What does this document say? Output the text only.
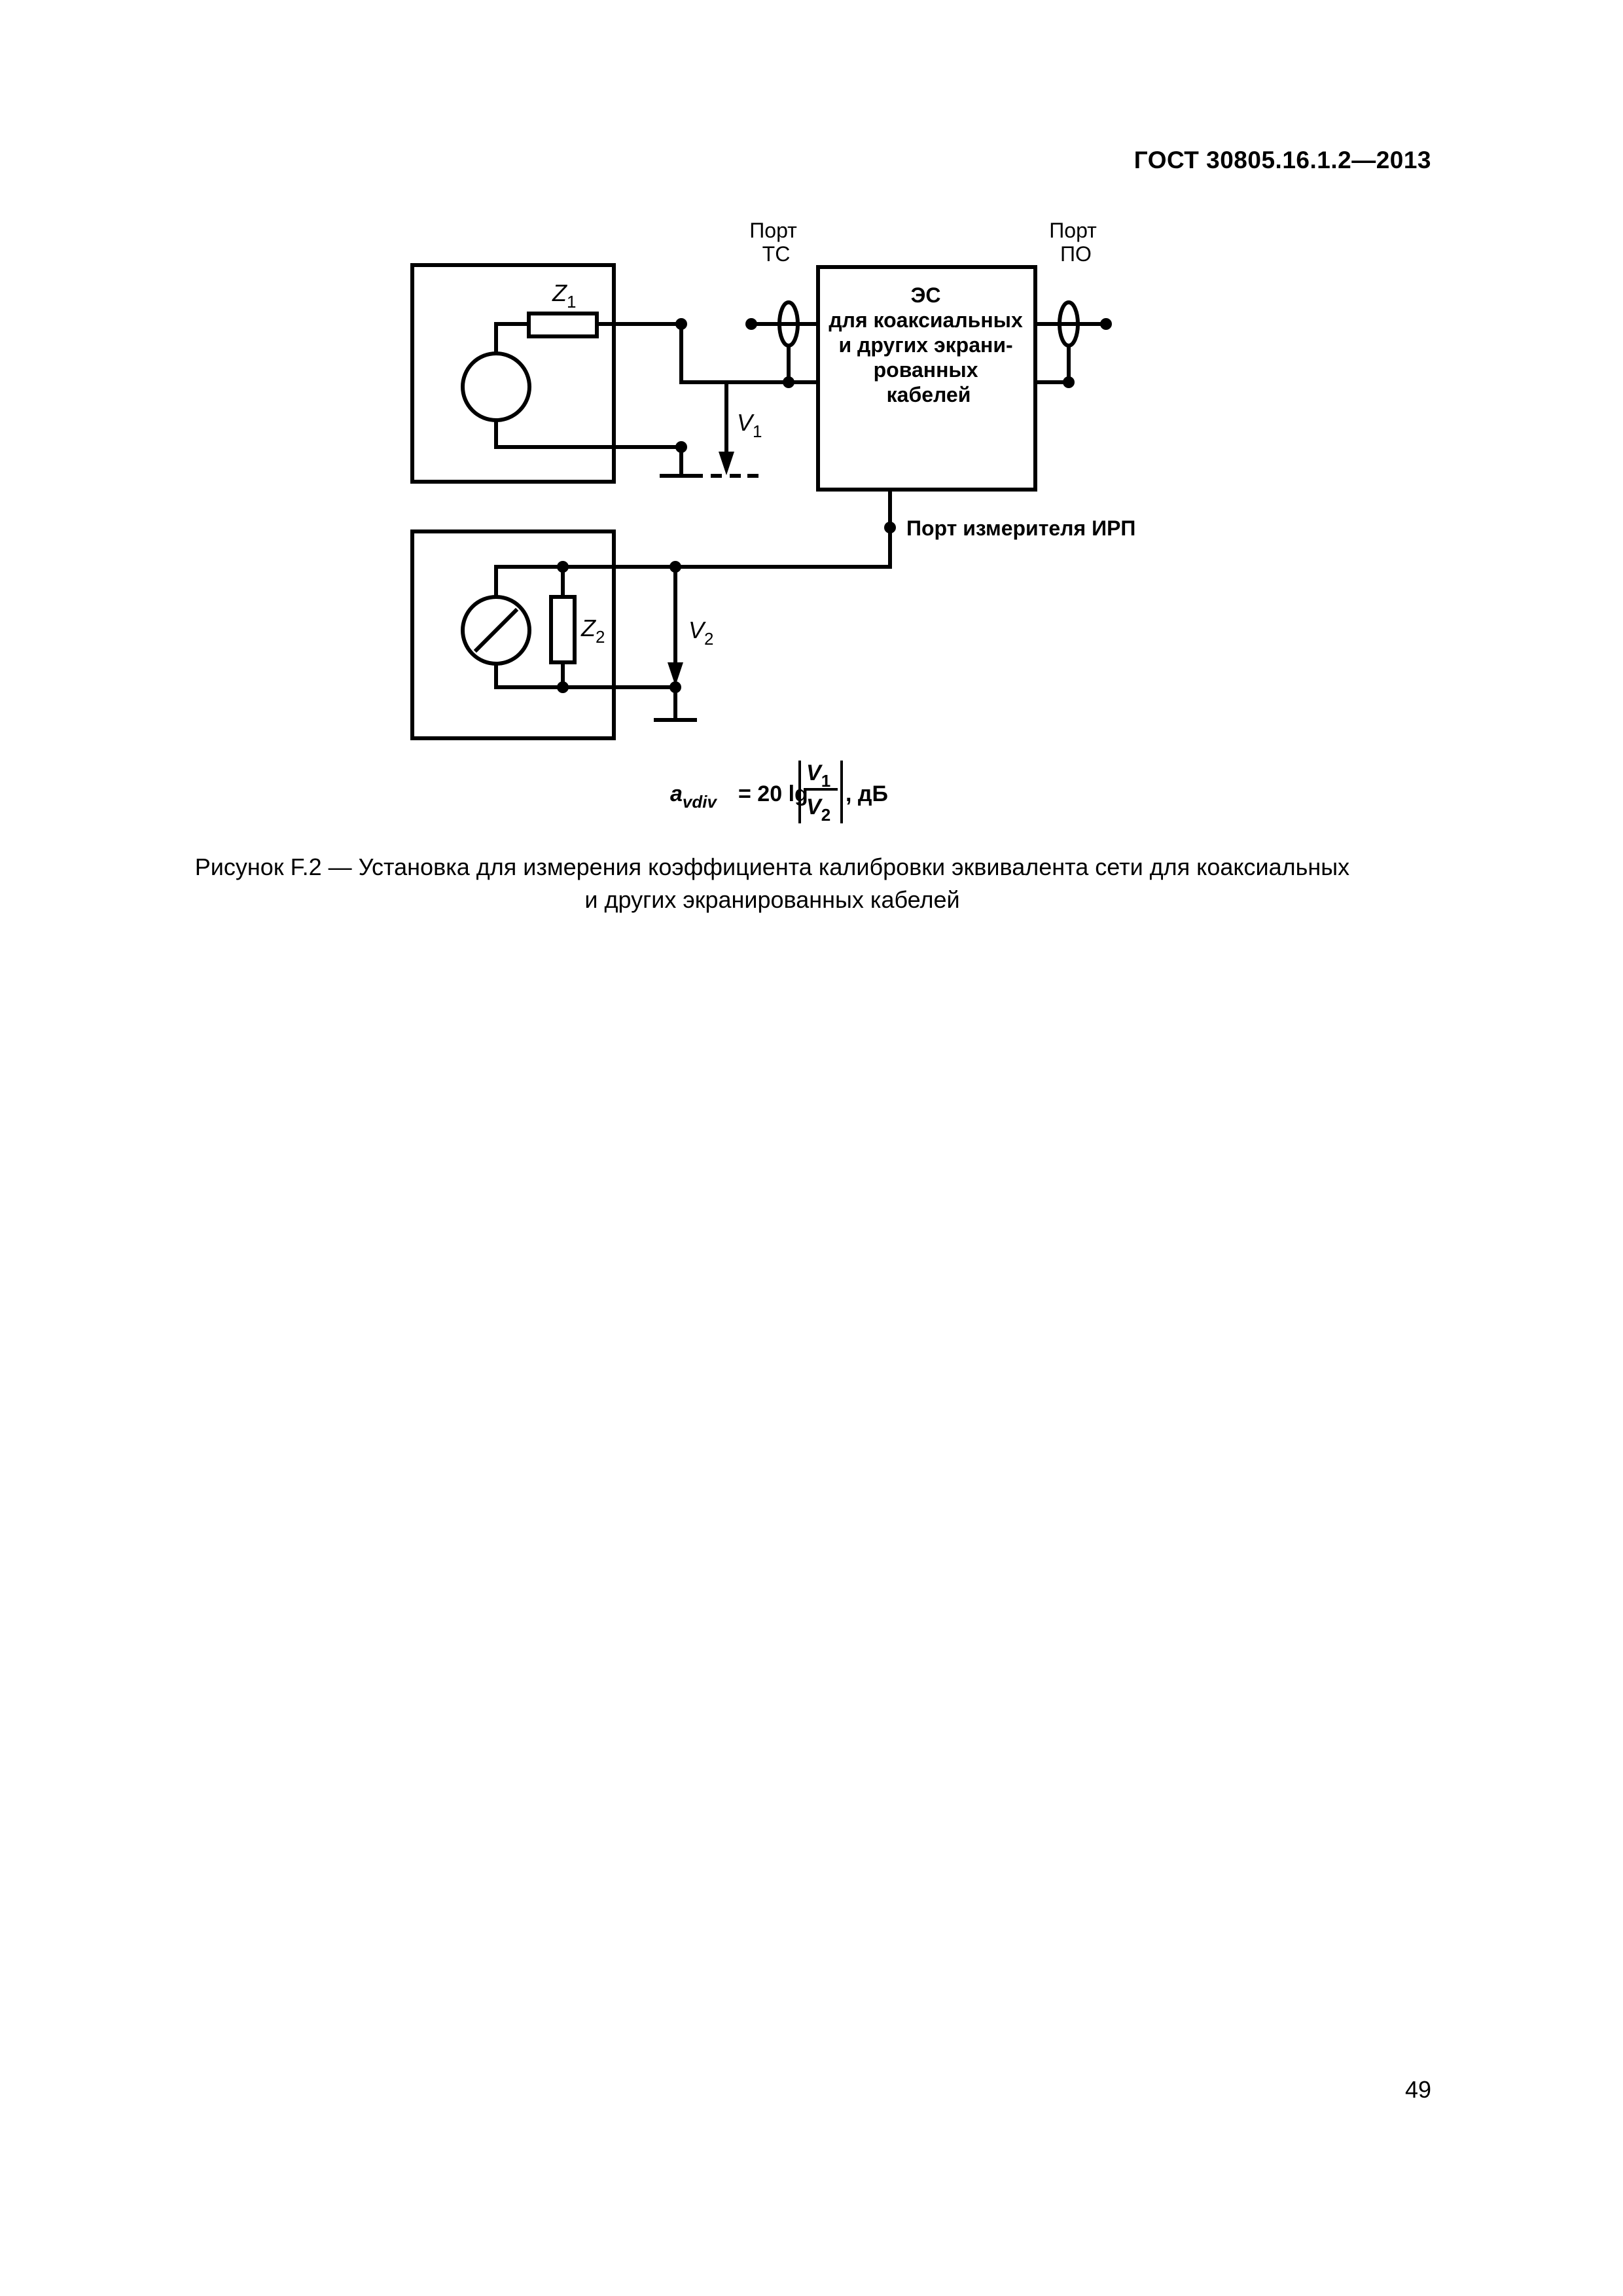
ГОСТ 30805.16.1.2—2013
$Z_1$
$Z_2$
$V_1$
$V_2$
Порт ТС
Порт ПО
ЭС для коаксиальных и других экрани- рованных кабелей
Порт измерителя ИРП
$a_{vdiv} = 20$ lg
$V_1$
$V_2$
, дБ
Рисунок F.2 — Установка для измерения коэффициента калибровки эквивалента сети для коаксиальных
и других экранированных кабелей
49
